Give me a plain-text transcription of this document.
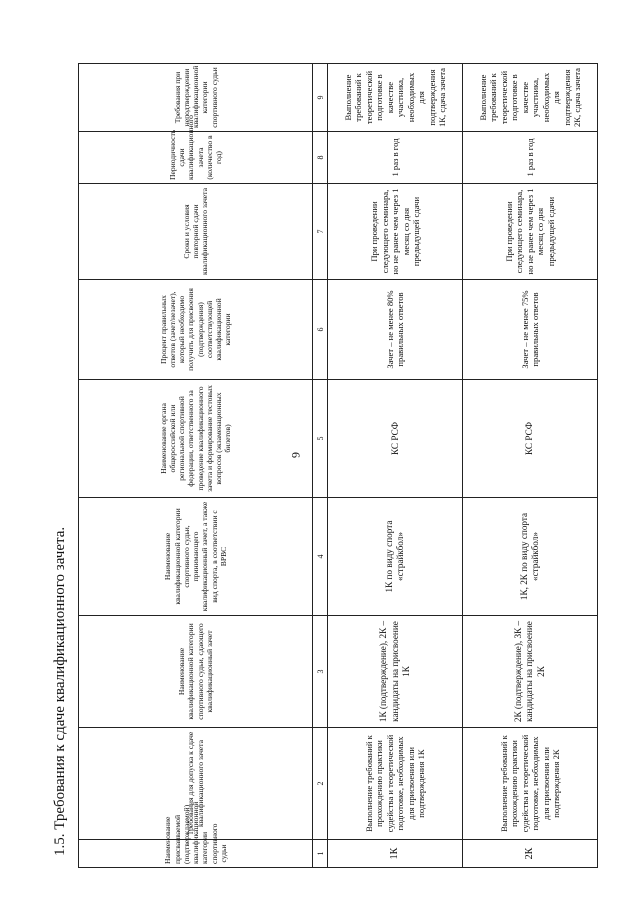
6
1.5. Требования к сдаче квалификационного зачета.	Наименование присваиваемой (подтверждаемой) квалификационной категории спортивного судьи	Требования для допуска к сдаче квалификационного зачета	Наименование квалификационной категории спортивного судьи, сдающего квалификационный зачет	Наименование квалификационной категории спортивного судьи, принимающего квалификационный зачет, а также вид спорта, в соответствии с ВРВС	Наименование органа общероссийской или региональной спортивной федерации, ответственного за проведение квалификационного зачета и формирование тестовых вопросов (экзаменационных билетов)	Процент правильных ответов (зачет/незачет), который необходимо получить для присвоения (подтверждения) соответствующей квалификационной категории	Сроки и условия повторной сдачи квалификационного зачета	Периодичность сдачи квалификационного зачета (количество в год)	Требования при неподтверждении квалификационной категории спортивного судьи
1	2	3	4	5	6	7	8	9
1К	Выполнение требований к прохождению практики судейства и теоретической подготовке, необходимых для присвоения или подтверждения 1К	1К (подтверждение), 2К – кандидаты на присвоение 1К	1К по виду спорта «страйкбол»	КС РСФ	Зачет – не менее 80% правильных ответов	При проведении следующего семинара, но не ранее чем через 1 месяц со дня предыдущей сдачи	1 раз в год	Выполнение требований к теоретической подготовке в качестве участника, необходимых для подтверждения 1К, сдача зачета
2К	Выполнение требований к прохождению практики судейства и теоретической подготовке, необходимых для присвоения или подтверждения 2К	2К (подтверждение), 3К – кандидаты на присвоение 2К	1К, 2К по виду спорта «страйкбол»	КС РСФ	Зачет – не менее 75% правильных ответов	При проведении следующего семинара, но не ранее чем через 1 месяц со дня предыдущей сдачи	1 раз в год	Выполнение требований к теоретической подготовке в качестве участника, необходимых для подтверждения 2К, сдача зачета
